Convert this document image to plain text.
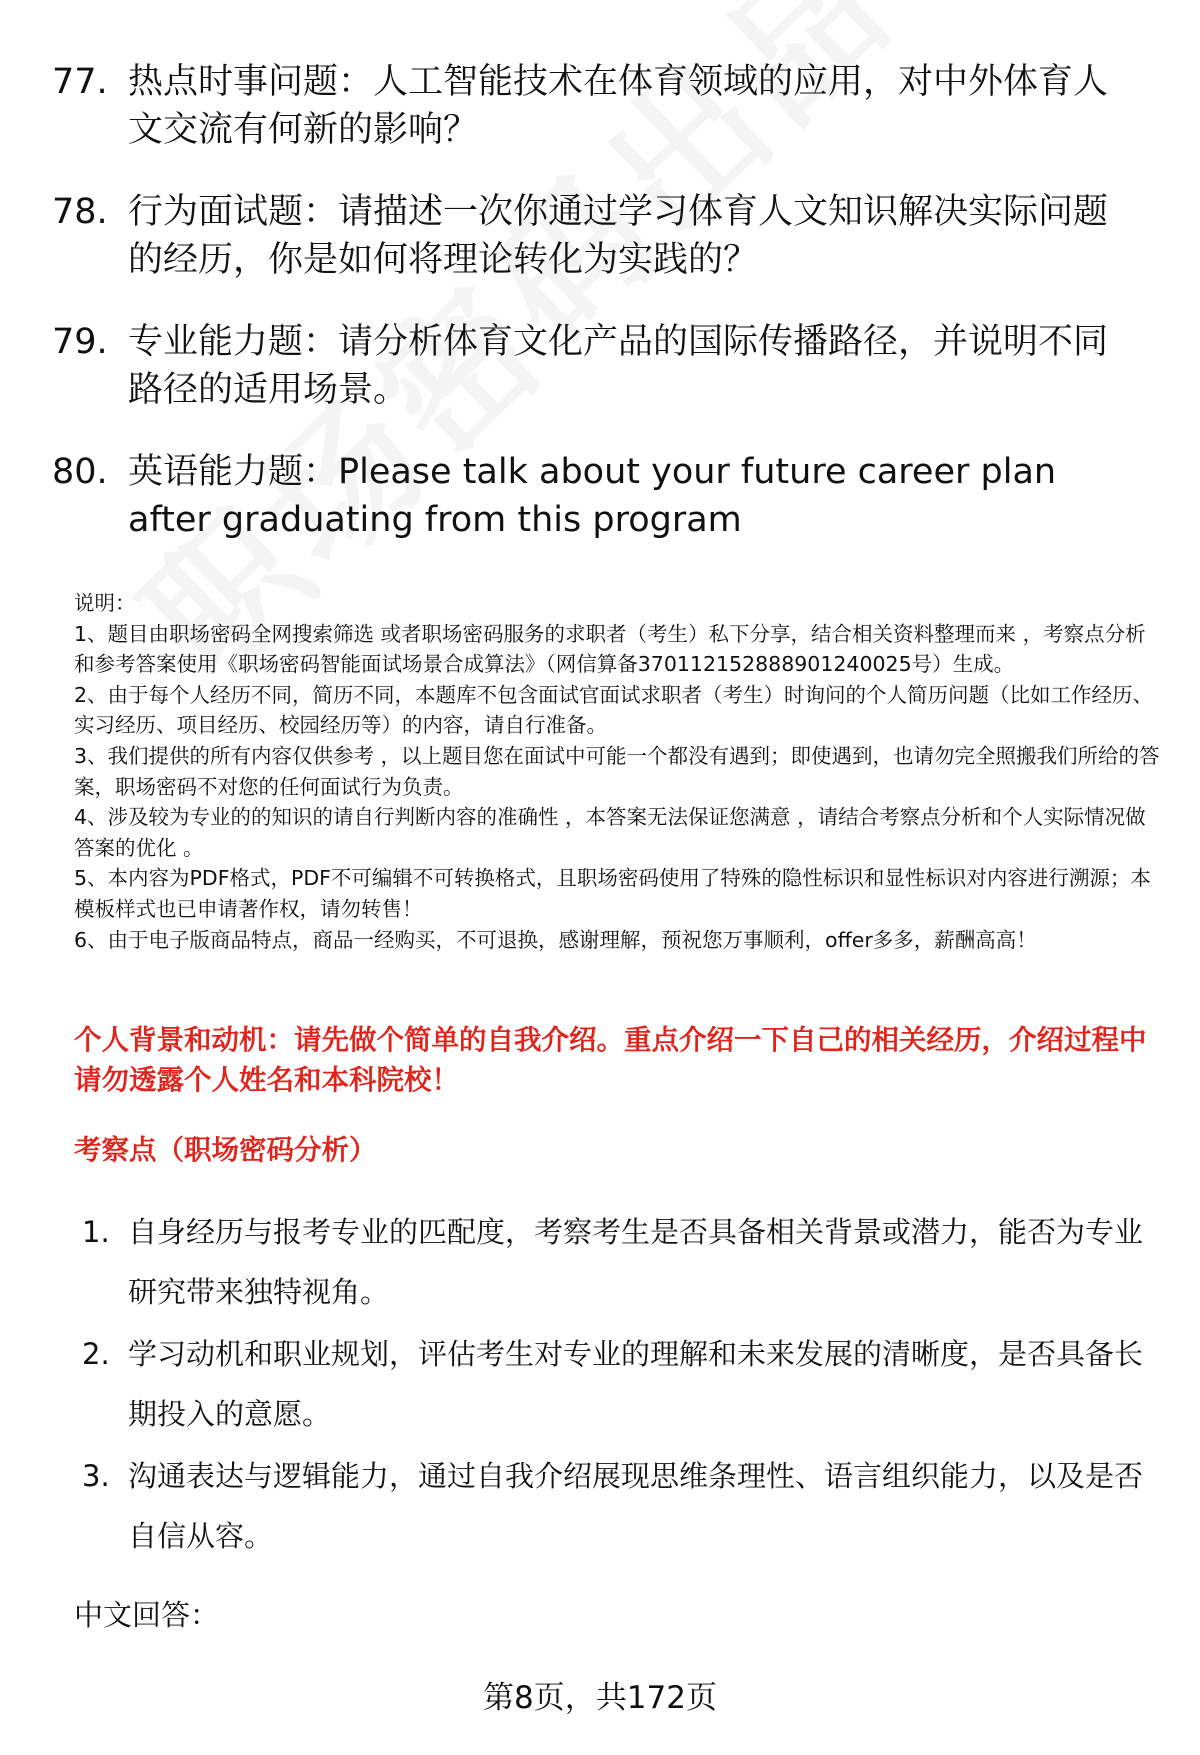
77. 热点时事问题：人工智能技术在体育领域的应用，对中外体育人文交流有何新的影响？
78. 行为面试题：请描述一次你通过学习体育人文知识解决实际问题的经历，你是如何将理论转化为实践的？
79. 专业能力题：请分析体育文化产品的国际传播路径，并说明不同路径的适用场景。
80. 英语能力题：Please talk about your future career plan after graduating from this program
说明：
1、题目由职场密码全网搜索筛选 或者职场密码服务的求职者（考生）私下分享，结合相关资料整理而来 ，考察点分析和参考答案使用《职场密码智能面试场景合成算法》（网信算备370112152888901240025号）生成。
2、由于每个人经历不同，简历不同，本题库不包含面试官面试求职者（考生）时询问的个人简历问题（比如工作经历、实习经历、项目经历、校园经历等）的内容，请自行准备。
3、我们提供的所有内容仅供参考 ，以上题目您在面试中可能一个都没有遇到；即使遇到，也请勿完全照搬我们所给的答案，职场密码不对您的任何面试行为负责。
4、涉及较为专业的的知识的请自行判断内容的准确性 ，本答案无法保证您满意 ，请结合考察点分析和个人实际情况做答案的优化 。
5、本内容为PDF格式，PDF不可编辑不可转换格式，且职场密码使用了特殊的隐性标识和显性标识对内容进行溯源；本模板样式也已申请著作权，请勿转售！
6、由于电子版商品特点，商品一经购买，不可退换，感谢理解，预祝您万事顺利，offer多多，薪酬高高！
个人背景和动机：请先做个简单的自我介绍。重点介绍一下自己的相关经历，介绍过程中请勿透露个人姓名和本科院校！
考察点（职场密码分析）
1. 自身经历与报考专业的匹配度，考察考生是否具备相关背景或潜力，能否为专业研究带来独特视角。
2. 学习动机和职业规划，评估考生对专业的理解和未来发展的清晰度，是否具备长期投入的意愿。
3. 沟通表达与逻辑能力，通过自我介绍展现思维条理性、语言组织能力，以及是否自信从容。
中文回答：
第8页，共172页
